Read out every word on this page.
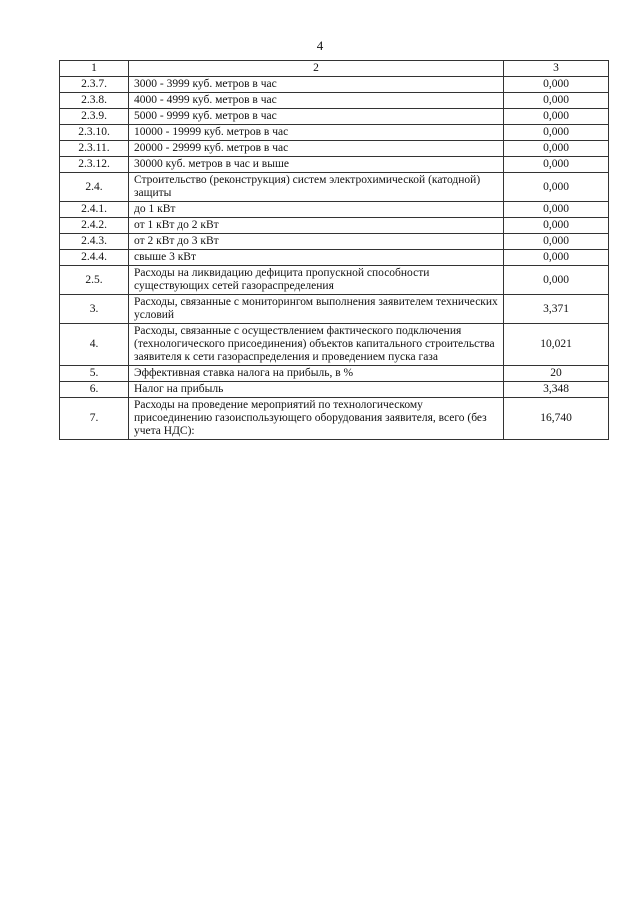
4
1	2	3
2.3.7.	3000 - 3999 куб. метров в час	0,000
2.3.8.	4000 - 4999 куб. метров в час	0,000
2.3.9.	5000 - 9999 куб. метров в час	0,000
2.3.10.	10000 - 19999 куб. метров в час	0,000
2.3.11.	20000 - 29999 куб. метров в час	0,000
2.3.12.	30000 куб. метров в час и выше	0,000
2.4.	Строительство (реконструкция) систем электрохимической (катодной) защиты	0,000
2.4.1.	до 1 кВт	0,000
2.4.2.	от 1 кВт до 2 кВт	0,000
2.4.3.	от 2 кВт до 3 кВт	0,000
2.4.4.	свыше 3 кВт	0,000
2.5.	Расходы на ликвидацию дефицита пропускной способности существующих сетей газораспределения	0,000
3.	Расходы, связанные с мониторингом выполнения заявителем технических условий	3,371
4.	Расходы, связанные с осуществлением фактического подключения (технологического присоединения) объектов капитального строительства заявителя к сети газораспределения и проведением пуска газа	10,021
5.	Эффективная ставка налога на прибыль, в %	20
6.	Налог на прибыль	3,348
7.	Расходы на проведение мероприятий по технологическому присоединению газоиспользующего оборудования заявителя, всего (без учета НДС):	16,740
